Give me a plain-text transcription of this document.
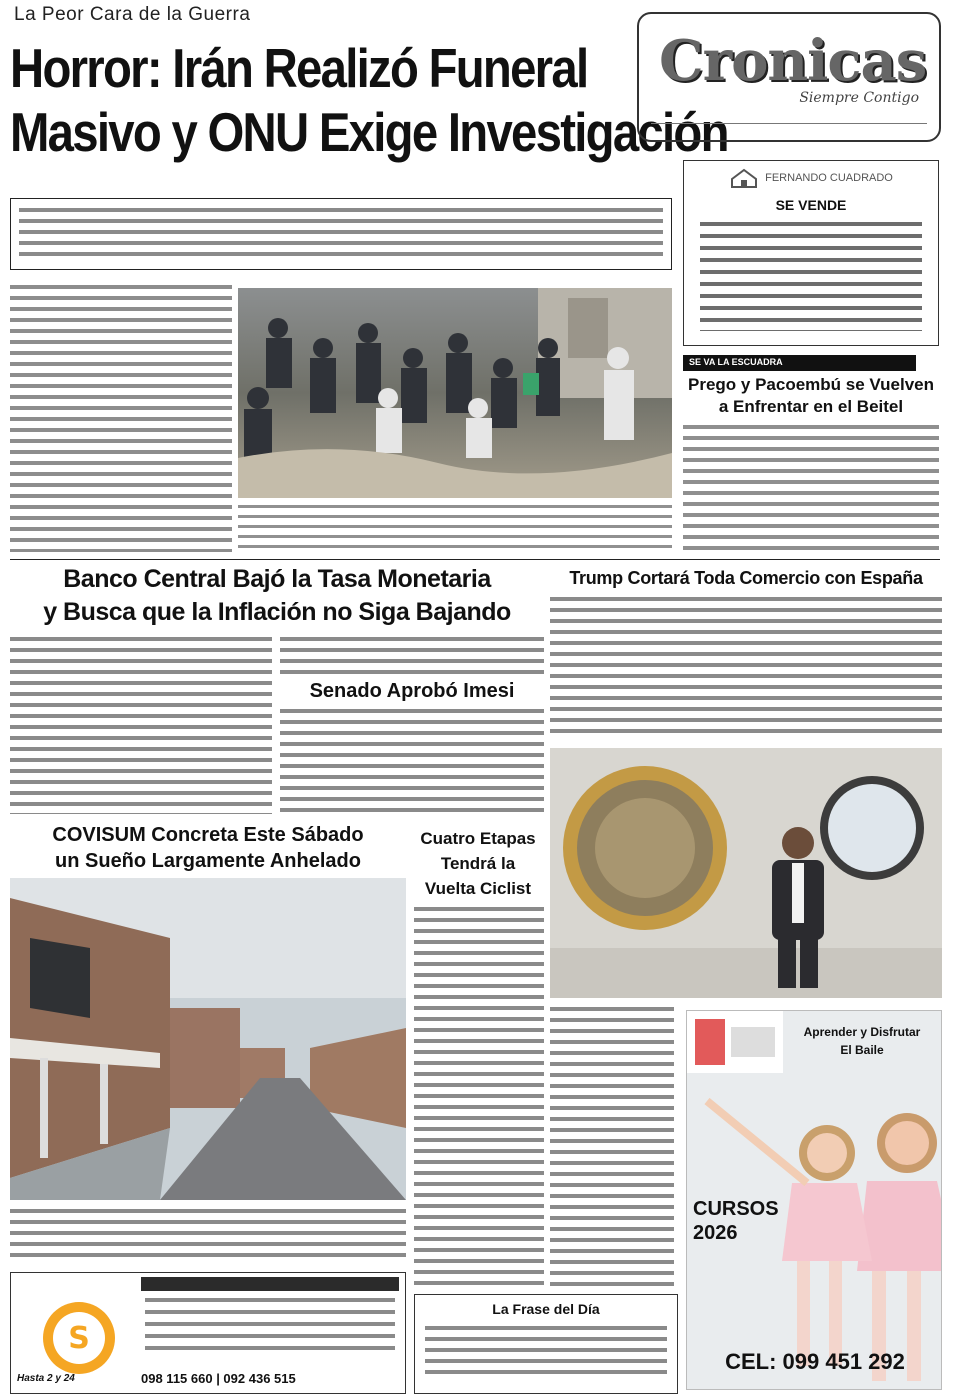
La Peor Cara de la Guerra
Horror: Irán Realizó Funeral
Masivo y ONU Exige Investigación
Cronicas
Siempre Contigo

FERNANDO CUADRADO
SE VENDE
SE VA LA ESCUADRA
Prego y Pacoembú se Vuelven a Enfrentar en el Beitel
Banco Central Bajó la Tasa Monetaria
y Busca que la Inflación no Siga Bajando
Senado Aprobó Imesi
Trump Cortará Toda Comercio con España
COVISUM Concreta Este Sábado
un Sueño Largamente Anhelado
Cuatro Etapas
Tendrá la
Vuelta Ciclist
Aprender y Disfrutar
El Baile
CURSOS
2026
CEL: 099 451 292
S
Hasta 2 y 24	098 115 660 | 092 436 515
La Frase del Día
